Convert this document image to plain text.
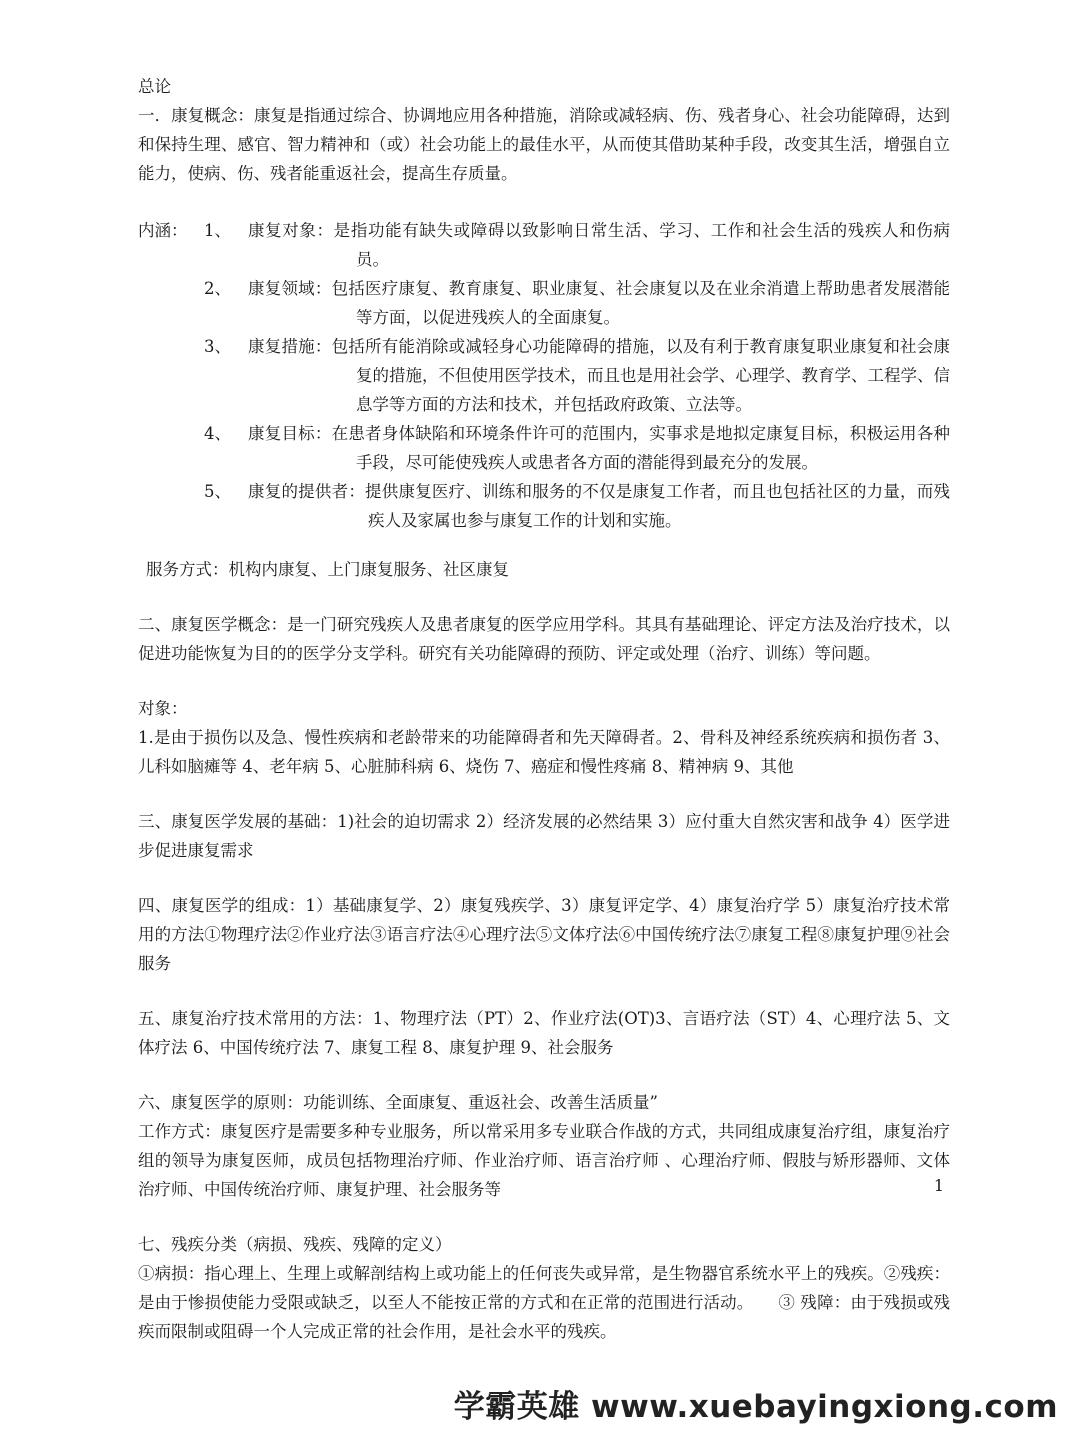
总论

一．康复概念：康复是指通过综合、协调地应用各种措施，消除或减轻病、伤、残者身心、社会功能障碍，达到和保持生理、感官、智力精神和（或）社会功能上的最佳水平，从而使其借助某种手段，改变其生活，增强自立能力，使病、伤、残者能重返社会，提高生存质量。

内涵： 1、 康复对象：是指功能有缺失或障碍以致影响日常生活、学习、工作和社会生活的残疾人和伤病员。

2、 康复领域：包括医疗康复、教育康复、职业康复、社会康复以及在业余消遣上帮助患者发展潜能等方面，以促进残疾人的全面康复。

3、 康复措施：包括所有能消除或减轻身心功能障碍的措施，以及有利于教育康复职业康复和社会康复的措施，不但使用医学技术，而且也是用社会学、心理学、教育学、工程学、信息学等方面的方法和技术，并包括政府政策、立法等。

4、 康复目标：在患者身体缺陷和环境条件许可的范围内，实事求是地拟定康复目标，积极运用各种手段，尽可能使残疾人或患者各方面的潜能得到最充分的发展。

5、 康复的提供者：提供康复医疗、训练和服务的不仅是康复工作者，而且也包括社区的力量，而残疾人及家属也参与康复工作的计划和实施。

服务方式：机构内康复、上门康复服务、社区康复

二、康复医学概念：是一门研究残疾人及患者康复的医学应用学科。其具有基础理论、评定方法及治疗技术，以促进功能恢复为目的的医学分支学科。研究有关功能障碍的预防、评定或处理（治疗、训练）等问题。

对象：

1.是由于损伤以及急、慢性疾病和老龄带来的功能障碍者和先天障碍者。2、骨科及神经系统疾病和损伤者 3、儿科如脑瘫等 4、老年病 5、心脏肺科病 6、烧伤 7、癌症和慢性疼痛 8、精神病 9、其他

三、康复医学发展的基础：1)社会的迫切需求 2）经济发展的必然结果 3）应付重大自然灾害和战争 4）医学进步促进康复需求

四、康复医学的组成：1）基础康复学、2）康复残疾学、3）康复评定学、4）康复治疗学 5）康复治疗技术常用的方法①物理疗法②作业疗法③语言疗法④心理疗法⑤文体疗法⑥中国传统疗法⑦康复工程⑧康复护理⑨社会服务

五、康复治疗技术常用的方法：1、物理疗法（PT）2、作业疗法(OT)3、言语疗法（ST）4、心理疗法 5、文体疗法 6、中国传统疗法 7、康复工程 8、康复护理 9、社会服务

六、康复医学的原则：功能训练、全面康复、重返社会、改善生活质量”

工作方式：康复医疗是需要多种专业服务，所以常采用多专业联合作战的方式，共同组成康复治疗组，康复治疗组的领导为康复医师，成员包括物理治疗师、作业治疗师、语言治疗师 、心理治疗师、假肢与矫形器师、文体治疗师、中国传统治疗师、康复护理、社会服务等

七、残疾分类（病损、残疾、残障的定义）

①病损：指心理上、生理上或解剖结构上或功能上的任何丧失或异常，是生物器官系统水平上的残疾。②残疾：是由于惨损使能力受限或缺乏，以至人不能按正常的方式和在正常的范围进行活动。　　③ 残障：由于残损或残疾而限制或阻碍一个人完成正常的社会作用，是社会水平的残疾。

1
学霸英雄 www.xuebayingxiong.com
